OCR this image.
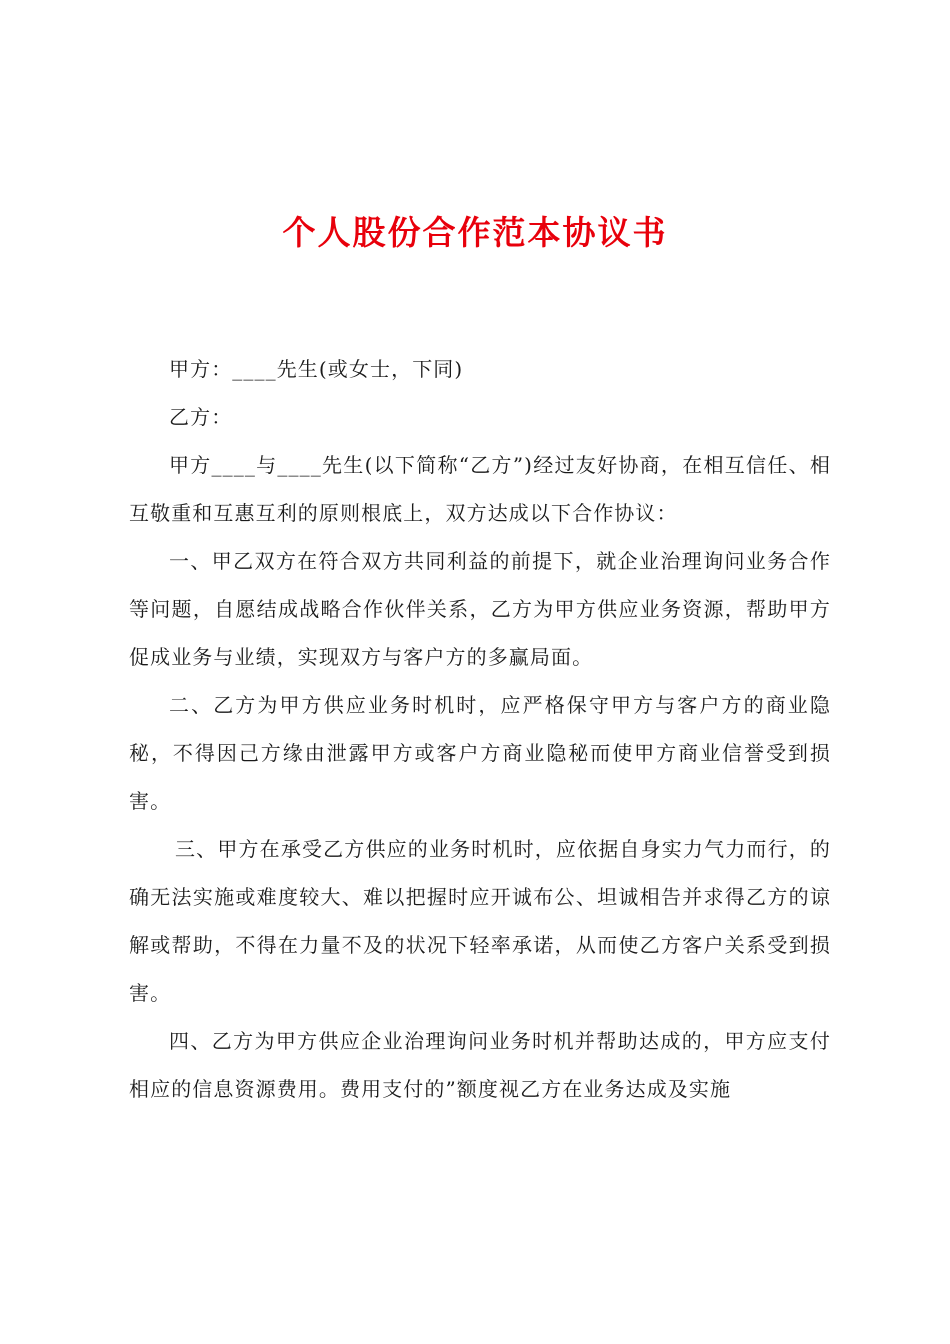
个人股份合作范本协议书

甲方：____先生(或女士，下同)

乙方：

甲方____与____先生(以下简称“乙方”)经过友好协商，在相互信任、相互敬重和互惠互利的原则根底上，双方达成以下合作协议：

一、甲乙双方在符合双方共同利益的前提下，就企业治理询问业务合作等问题，自愿结成战略合作伙伴关系，乙方为甲方供应业务资源，帮助甲方促成业务与业绩，实现双方与客户方的多赢局面。

二、乙方为甲方供应业务时机时，应严格保守甲方与客户方的商业隐秘，不得因己方缘由泄露甲方或客户方商业隐秘而使甲方商业信誉受到损害。

三、甲方在承受乙方供应的业务时机时，应依据自身实力气力而行，的确无法实施或难度较大、难以把握时应开诚布公、坦诚相告并求得乙方的谅解或帮助，不得在力量不及的状况下轻率承诺，从而使乙方客户关系受到损害。

四、乙方为甲方供应企业治理询问业务时机并帮助达成的，甲方应支付相应的信息资源费用。费用支付的”额度视乙方在业务达成及实施
